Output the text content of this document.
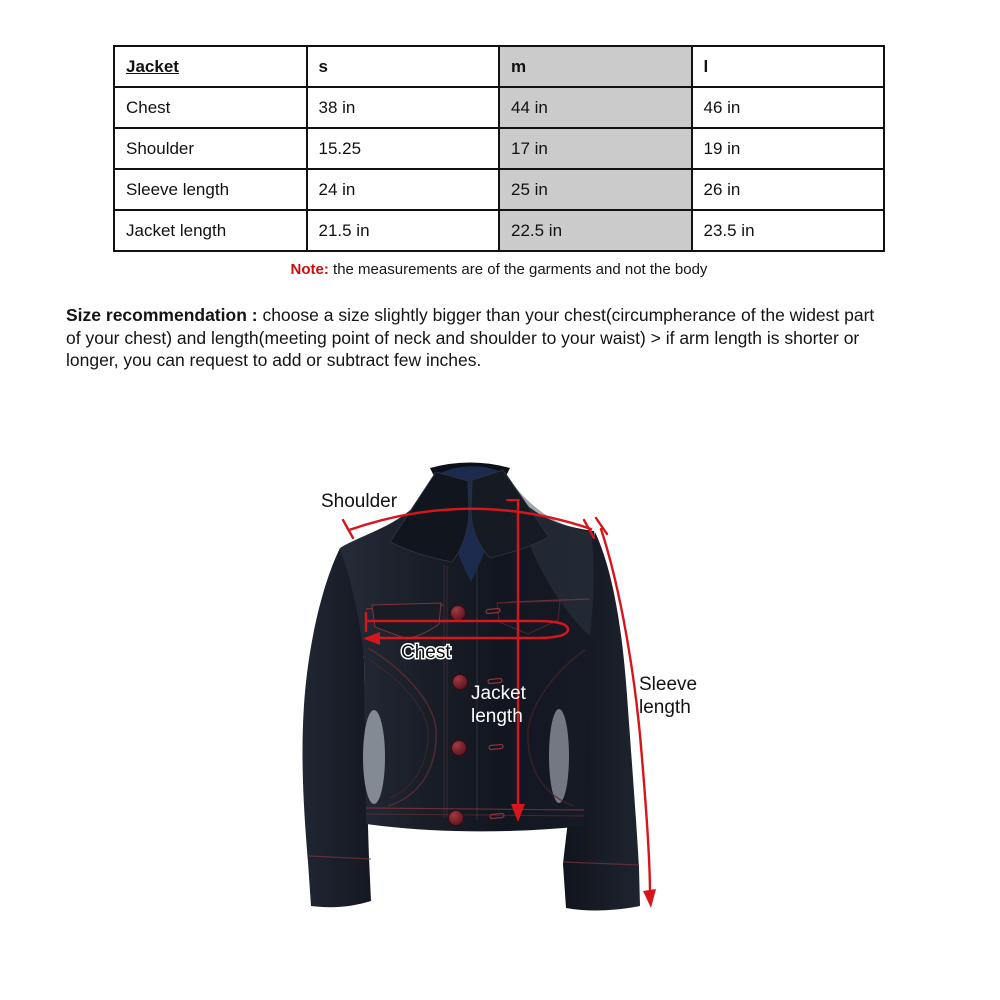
Jacket	s	m	l
Chest	38 in	44 in	46 in
Shoulder	15.25	17 in	19 in
Sleeve length	24 in	25 in	26 in
Jacket length	21.5 in	22.5 in	23.5 in
Note: the measurements are of the garments and not the body
Size recommendation : choose a size slightly bigger than your chest(circumpherance of the widest part
of your chest) and length(meeting point of neck and shoulder to your waist) > if arm length is shorter or
longer, you can request to add or subtract few inches.
Shoulder
Chest
Jacket
length
Sleeve
length
